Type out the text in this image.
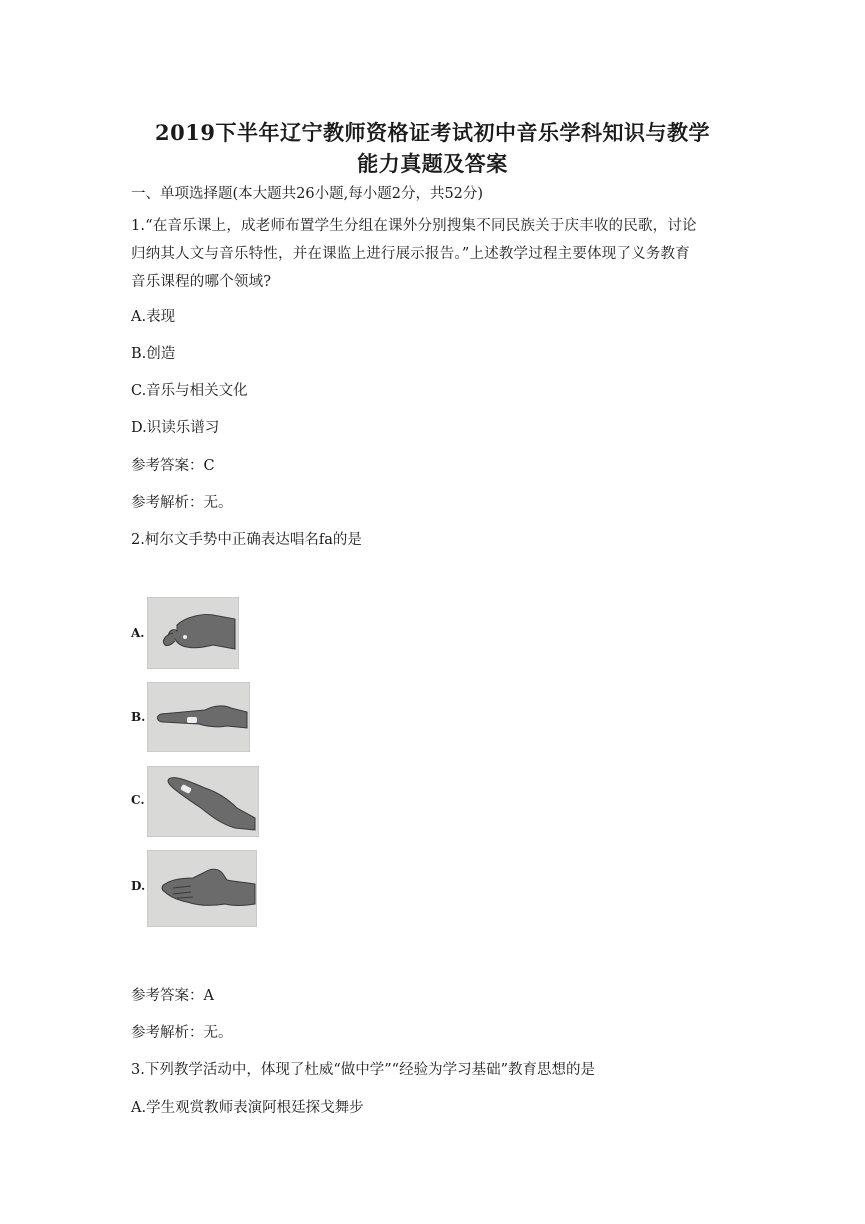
2019下半年辽宁教师资格证考试初中音乐学科知识与教学
能力真题及答案
一、单项选择题(本大题共26小题,每小题2分，共52分)
1.“在音乐课上，成老师布置学生分组在课外分别搜集不同民族关于庆丰收的民歌，讨论
归纳其人文与音乐特性，并在课监上进行展示报告。”上述教学过程主要体现了义务教育
音乐课程的哪个领域?
A.表现
B.创造
C.音乐与相关文化
D.识读乐谱习
参考答案：C
参考解析：无。
2.柯尔文手势中正确表达唱名fa的是
A.
B.
C.
D.
参考答案：A
参考解析：无。
3.下列教学活动中，体现了杜威“做中学”“经验为学习基础”教育思想的是
A.学生观赏教师表演阿根廷探戈舞步
